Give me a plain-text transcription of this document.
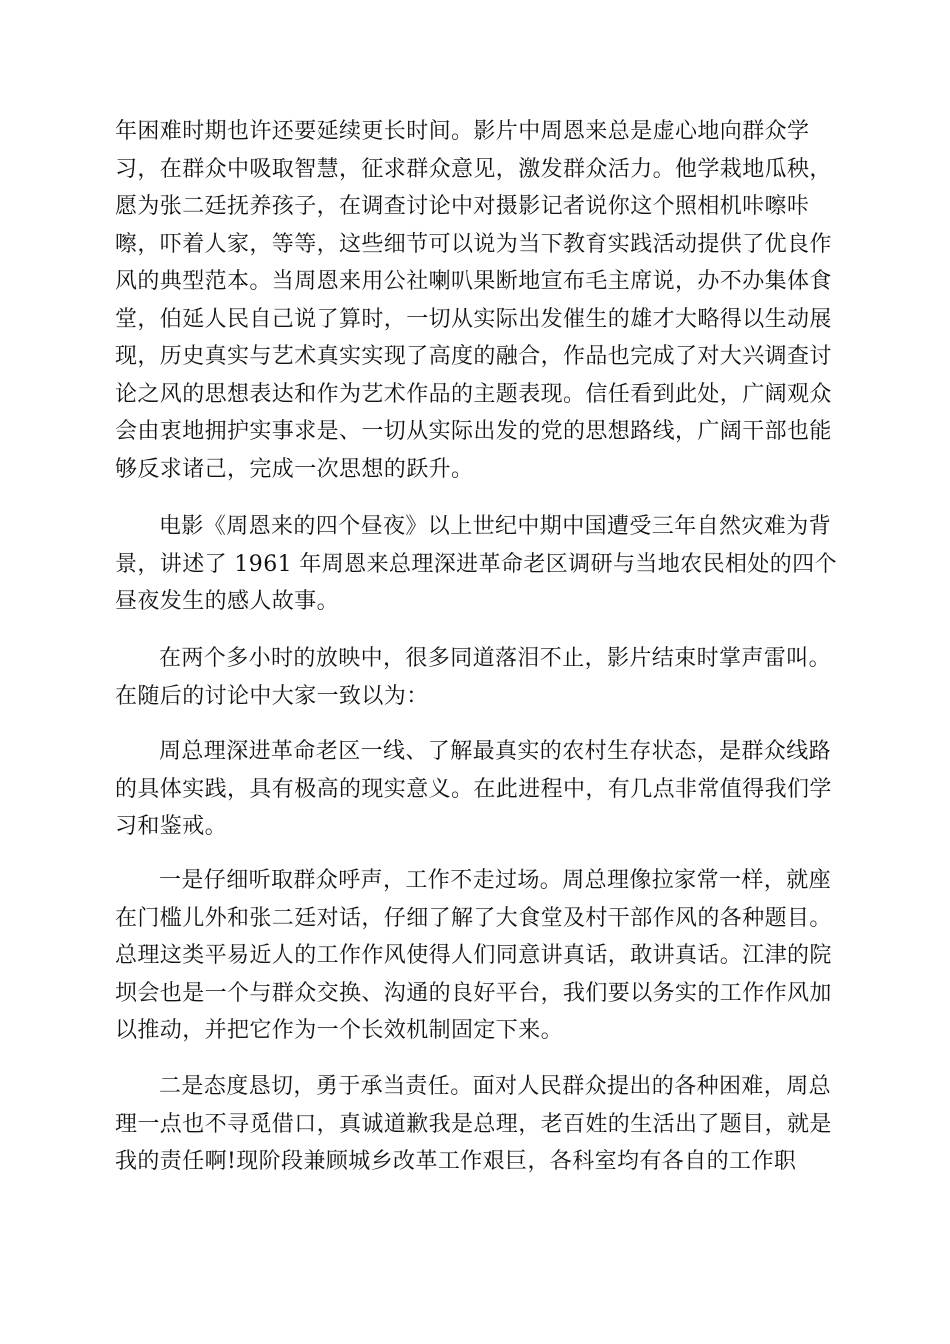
年困难时期也许还要延续更长时间。影片中周恩来总是虚心地向群众学
习，在群众中吸取智慧，征求群众意见，激发群众活力。他学栽地瓜秧，
愿为张二廷抚养孩子，在调查讨论中对摄影记者说你这个照相机咔嚓咔
嚓，吓着人家，等等，这些细节可以说为当下教育实践活动提供了优良作
风的典型范本。当周恩来用公社喇叭果断地宣布毛主席说，办不办集体食
堂，伯延人民自己说了算时，一切从实际出发催生的雄才大略得以生动展
现，历史真实与艺术真实实现了高度的融合，作品也完成了对大兴调查讨
论之风的思想表达和作为艺术作品的主题表现。信任看到此处，广阔观众
会由衷地拥护实事求是、一切从实际出发的党的思想路线，广阔干部也能
够反求诸己，完成一次思想的跃升。

电影《周恩来的四个昼夜》以上世纪中期中国遭受三年自然灾难为背
景，讲述了 1961 年周恩来总理深进革命老区调研与当地农民相处的四个
昼夜发生的感人故事。

在两个多小时的放映中，很多同道落泪不止，影片结束时掌声雷叫。
在随后的讨论中大家一致以为：

周总理深进革命老区一线、了解最真实的农村生存状态，是群众线路
的具体实践，具有极高的现实意义。在此进程中，有几点非常值得我们学
习和鉴戒。

一是仔细听取群众呼声，工作不走过场。周总理像拉家常一样，就座
在门槛儿外和张二廷对话，仔细了解了大食堂及村干部作风的各种题目。
总理这类平易近人的工作作风使得人们同意讲真话，敢讲真话。江津的院
坝会也是一个与群众交换、沟通的良好平台，我们要以务实的工作作风加
以推动，并把它作为一个长效机制固定下来。

二是态度恳切，勇于承当责任。面对人民群众提出的各种困难，周总
理一点也不寻觅借口，真诚道歉我是总理，老百姓的生活出了题目，就是
我的责任啊!现阶段兼顾城乡改革工作艰巨，各科室均有各自的工作职
